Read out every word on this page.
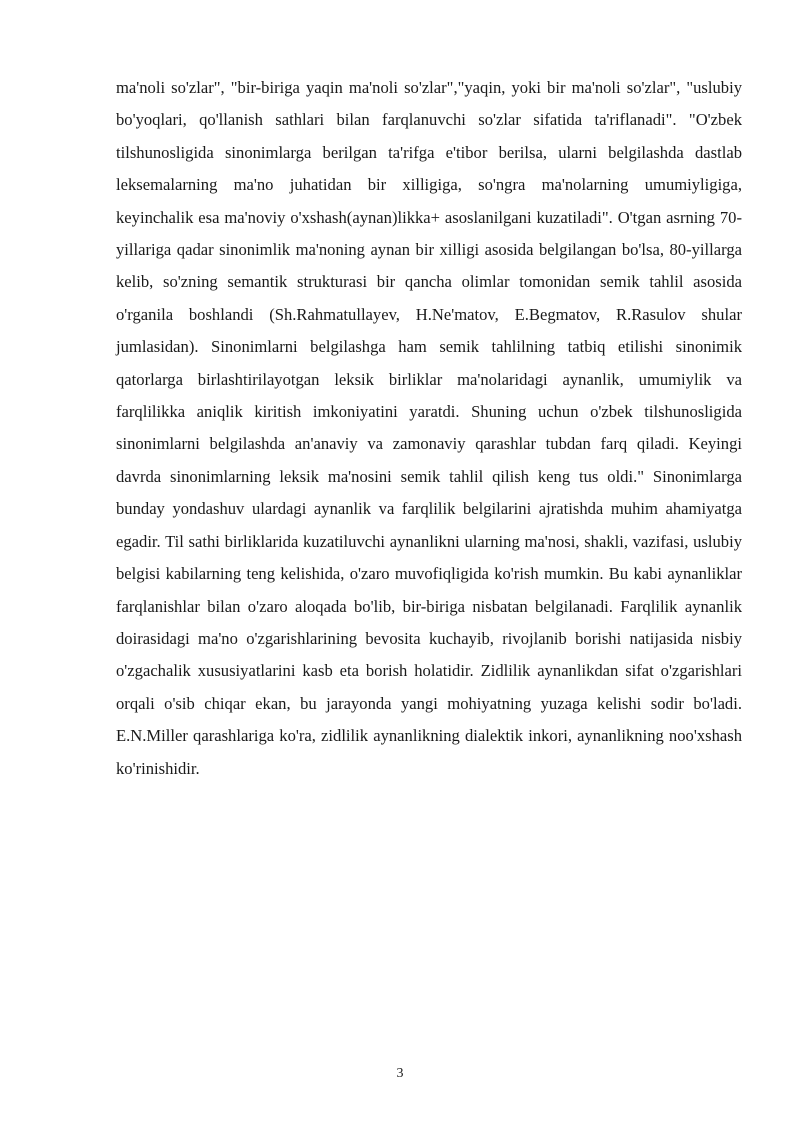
ma'noli so'zlar", "bir-biriga yaqin ma'noli so'zlar","yaqin, yoki bir ma'noli so'zlar", "uslubiy bo'yoqlari, qo'llanish sathlari bilan farqlanuvchi so'zlar sifatida ta'riflanadi". "O'zbek tilshunosligida sinonimlarga berilgan ta'rifga e'tibor berilsa, ularni belgilashda dastlab leksemalarning ma'no juhatidan bir xilligiga, so'ngra ma'nolarning umumiyligiga, keyinchalik esa ma'noviy o'xshash(aynan)likka+ asoslanilgani kuzatiladi". O'tgan asrning 70-yillariga qadar sinonimlik ma'noning aynan bir xilligi asosida belgilangan bo'lsa, 80-yillarga kelib, so'zning semantik strukturasi bir qancha olimlar tomonidan semik tahlil asosida o'rganila boshlandi (Sh.Rahmatullayev, H.Ne'matov, E.Begmatov, R.Rasulov shular jumlasidan). Sinonimlarni belgilashga ham semik tahlilning tatbiq etilishi sinonimik qatorlarga birlashtirilayotgan leksik birliklar ma'nolaridagi aynanlik, umumiylik va farqlilikka aniqlik kiritish imkoniyatini yaratdi. Shuning uchun o'zbek tilshunosligida sinonimlarni belgilashda an'anaviy va zamonaviy qarashlar tubdan farq qiladi. Keyingi davrda sinonimlarning leksik ma'nosini semik tahlil qilish keng tus oldi." Sinonimlarga bunday yondashuv ulardagi aynanlik va farqlilik belgilarini ajratishda muhim ahamiyatga egadir. Til sathi birliklarida kuzatiluvchi aynanlikni ularning ma'nosi, shakli, vazifasi, uslubiy belgisi kabilarning teng kelishida, o'zaro muvofiqligida ko'rish mumkin. Bu kabi aynanliklar farqlanishlar bilan o'zaro aloqada bo'lib, bir-biriga nisbatan belgilanadi. Farqlilik aynanlik doirasidagi ma'no o'zgarishlarining bevosita kuchayib, rivojlanib borishi natijasida nisbiy o'zgachalik xususiyatlarini kasb eta borish holatidir. Zidlilik aynanlikdan sifat o'zgarishlari orqali o'sib chiqar ekan, bu jarayonda yangi mohiyatning yuzaga kelishi sodir bo'ladi. E.N.Miller qarashlariga ko'ra, zidlilik aynanlikning dialektik inkori, aynanlikning noo'xshash ko'rinishidir.

3
